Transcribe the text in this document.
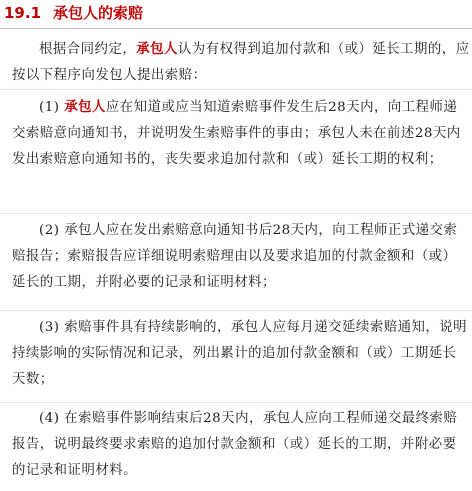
19.1 承包人的索赔
根据合同约定，承包人认为有权得到追加付款和（或）延长工期的，应按以下程序向发包人提出索赔：
(1) 承包人应在知道或应当知道索赔事件发生后28天内，向工程师递交索赔意向通知书，并说明发生索赔事件的事由；承包人未在前述28天内发出索赔意向通知书的，丧失要求追加付款和（或）延长工期的权利；
(2) 承包人应在发出索赔意向通知书后28天内，向工程师正式递交索赔报告；索赔报告应详细说明索赔理由以及要求追加的付款金额和（或）延长的工期，并附必要的记录和证明材料；
(3) 索赔事件具有持续影响的，承包人应每月递交延续索赔通知，说明持续影响的实际情况和记录，列出累计的追加付款金额和（或）工期延长天数；
(4) 在索赔事件影响结束后28天内，承包人应向工程师递交最终索赔报告，说明最终要求索赔的追加付款金额和（或）延长的工期，并附必要的记录和证明材料。
